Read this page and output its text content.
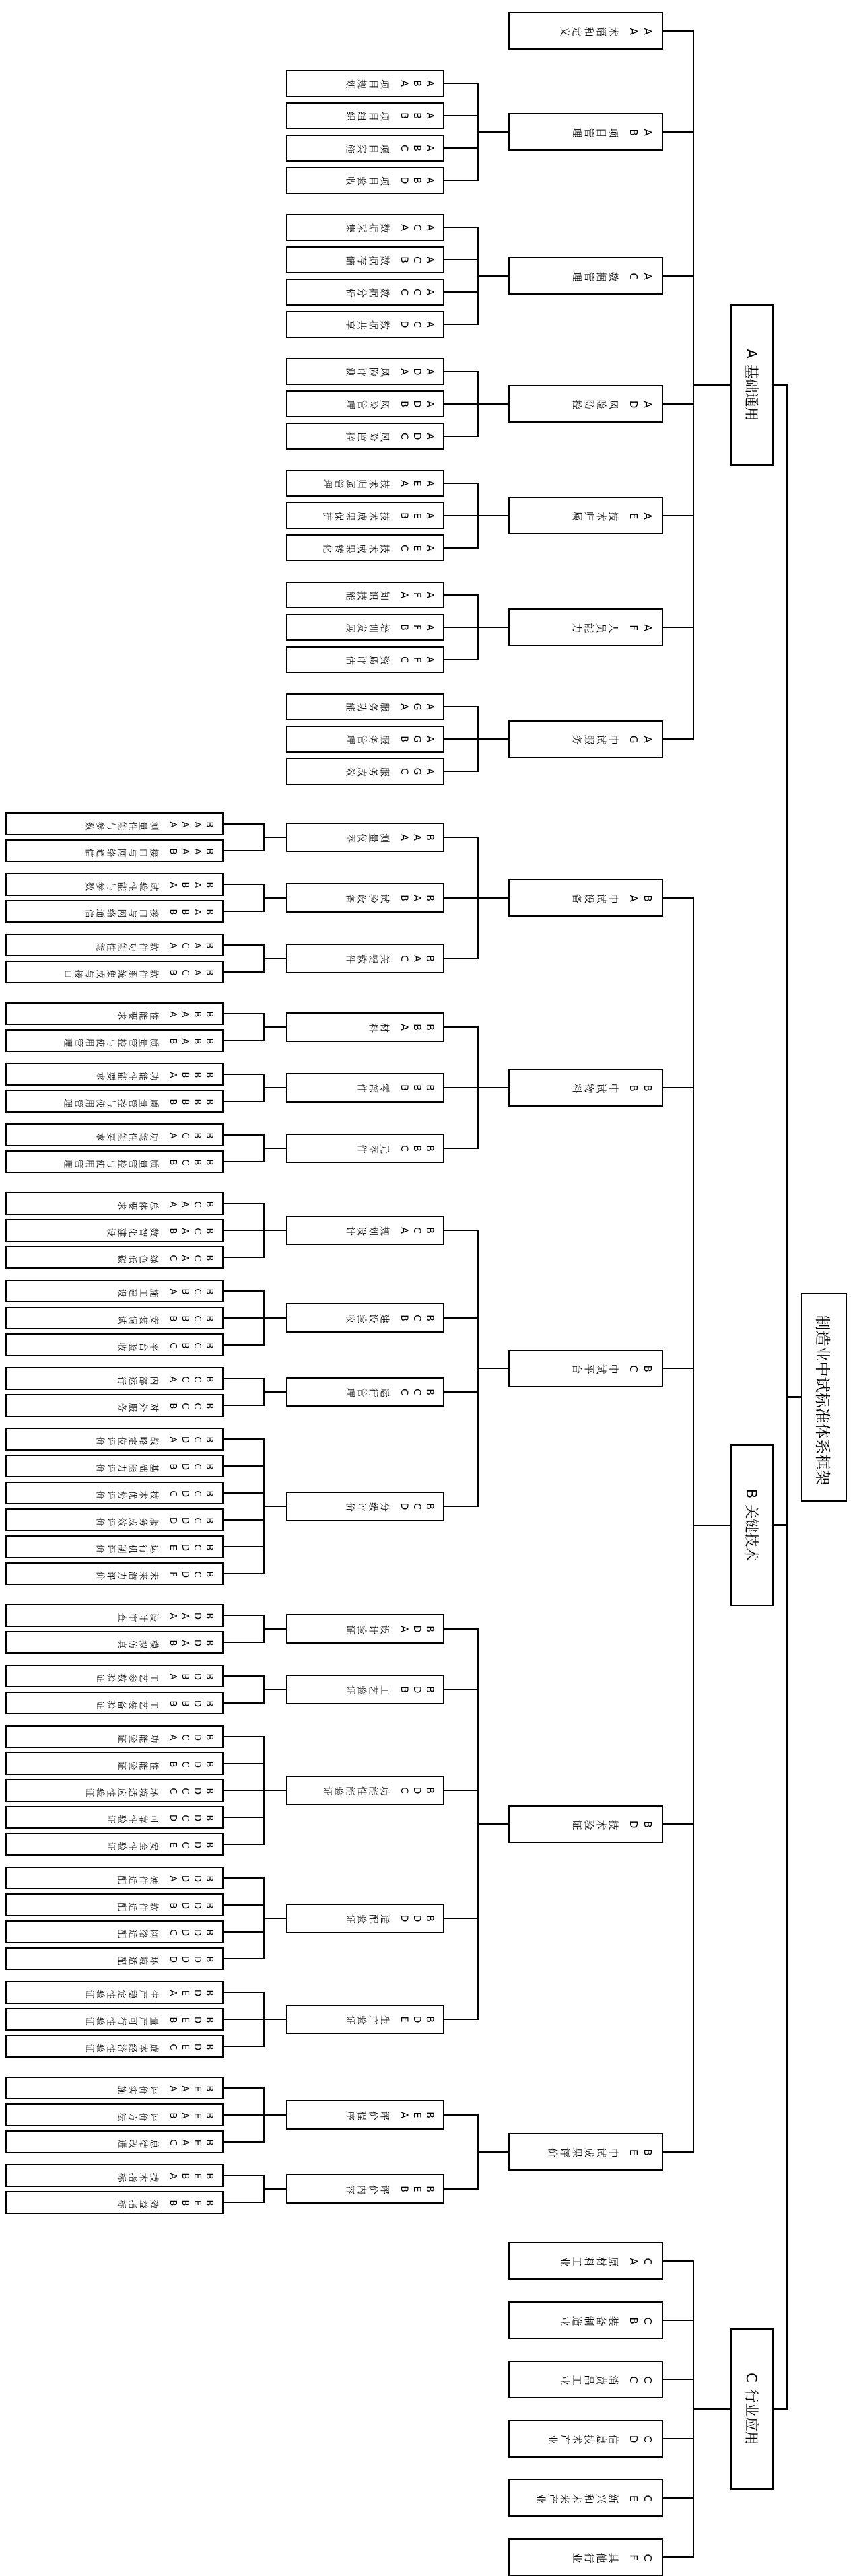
AA术语和定义
ABA项目规划
ABB项目组织
ABC项目实施
ABD项目验收
AB项目管理
ACA数据采集
ACB数据存储
ACC数据分析
ACD数据共享
AC数据管理
ADA风险评测
ADB风险管理
ADC风险监控
AD风险防控
AEA技术归属管理
AEB技术成果保护
AEC技术成果转化
AE技术归属
AFA知识技能
AFB培训发展
AFC资质评估
AF人员能力
AGA服务功能
AGB服务管理
AGC服务成效
AG中试服务
A基础通用
BAAA测量性能与参数
BAAB接口与网络通信
BAA测量仪器
BABA试验性能与参数
BABB接口与网络通信
BAB试验设备
BACA软件功能性能
BACB软件系统集成与接口
BAC关键软件
BA中试设备
BBAA性能要求
BBAB质量管控与使用管理
BBA材料
BBBA功能性能要求
BBBB质量管控与使用管理
BBB零部件
BBCA功能性能要求
BBCB质量管控与使用管理
BBC元器件
BB中试物料
BCAA总体要求
BCAB数智化建设
BCAC绿色低碳
BCA规划设计
BCBA施工建设
BCBB安装调试
BCBC平台验收
BCB建设验收
BCCA内部运行
BCCB对外服务
BCC运行管理
BCDA战略定位评价
BCDB基础能力评价
BCDC技术优势评价
BCDD服务成效评价
BCDE运行机制评价
BCDF未来潜力评价
BCD分级评价
BC中试平台
BDAA设计审查
BDAB模拟仿真
BDA设计验证
BDBA工艺参数验证
BDBB工艺装备验证
BDB工艺验证
BDCA功能验证
BDCB性能验证
BDCC环境适应性验证
BDCD可靠性验证
BDCE安全性验证
BDC功能性能验证
BDDA硬件适配
BDDB软件适配
BDDC网络适配
BDDD环境适配
BDD适配验证
BDEA生产稳定性验证
BDEB量产可行性验证
BDEC成本经济性验证
BDE生产验证
BD技术验证
BEAA评价实施
BEAB评价方法
BEAC总结改进
BEA评价程序
BEBA技术指标
BEBB效益指标
BEB评价内容
BE中试成果评价
B关键技术
CA原材料工业
CB装备制造业
CC消费品工业
CD信息技术产业
CE新兴和未来产业
CF其他行业
C行业应用
制造业中试标准体系框架
